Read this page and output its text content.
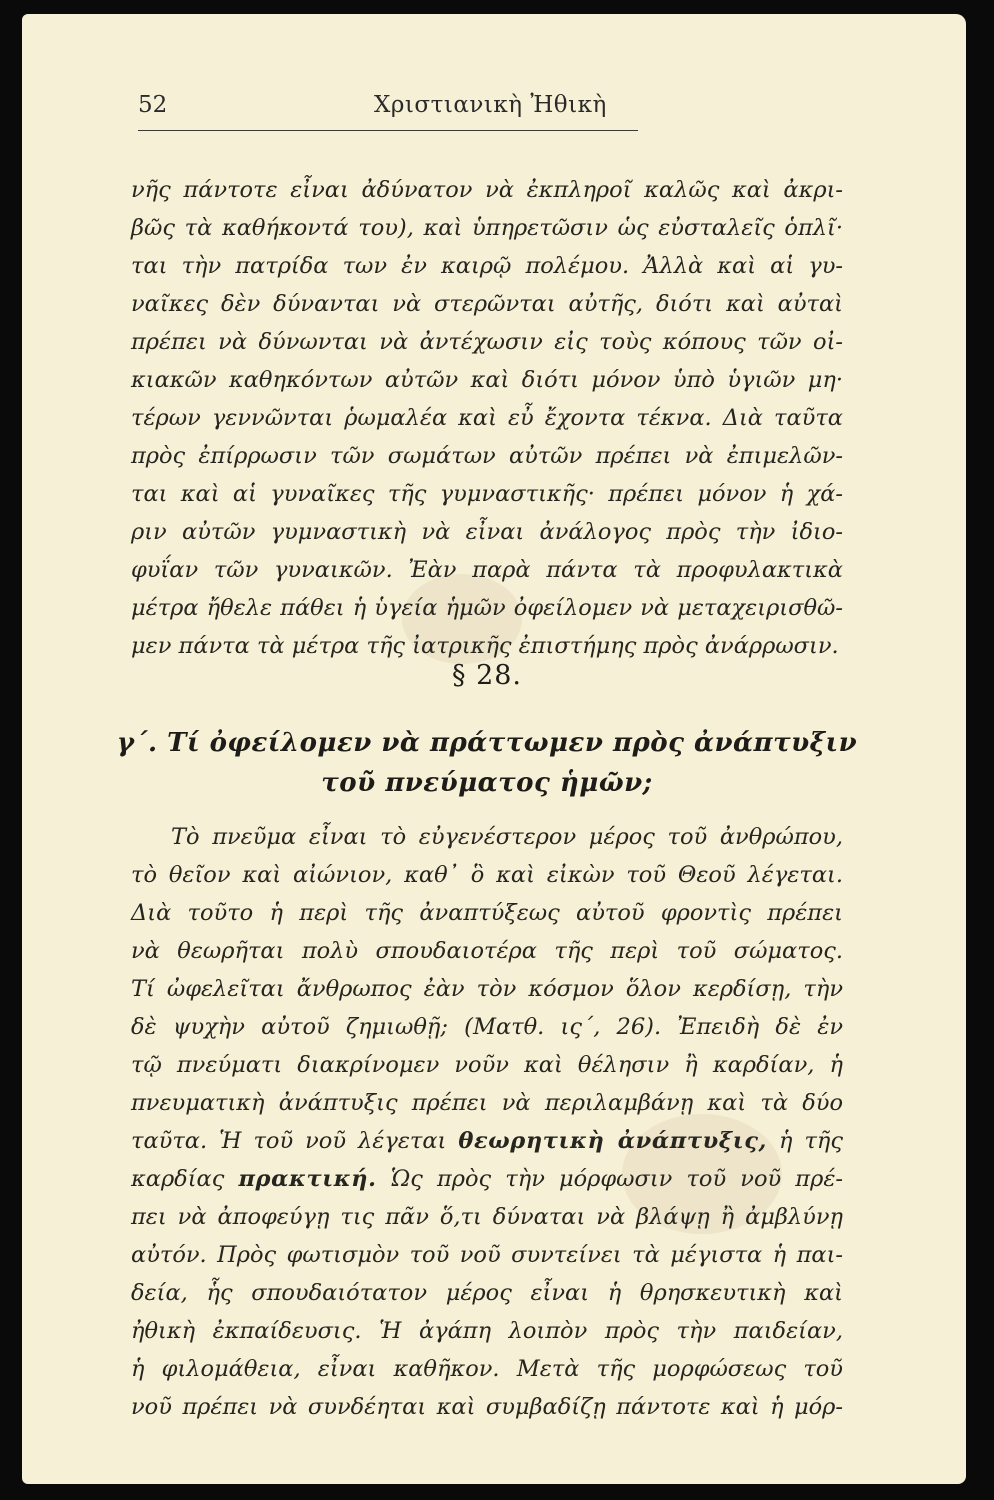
52	Χριστιανικὴ Ἠθικὴ
νῆς πάντοτε εἶναι ἀδύνατον νὰ ἐκπληροῖ καλῶς καὶ ἀκρι-
βῶς τὰ καθήκοντά του), καὶ ὑπηρετῶσιν ὡς εὐσταλεῖς ὁπλῖ·
ται τὴν πατρίδα των ἐν καιρῷ πολέμου. Ἀλλὰ καὶ αἱ γυ-
ναῖκες δὲν δύνανται νὰ στερῶνται αὐτῆς, διότι καὶ αὐταὶ
πρέπει νὰ δύνωνται νὰ ἀντέχωσιν εἰς τοὺς κόπους τῶν οἰ-
κιακῶν καθηκόντων αὐτῶν καὶ διότι μόνον ὑπὸ ὑγιῶν μη·
τέρων γεννῶνται ῥωμαλέα καὶ εὖ ἔχοντα τέκνα. Διὰ ταῦτα
πρὸς ἐπίρρωσιν τῶν σωμάτων αὐτῶν πρέπει νὰ ἐπιμελῶν-
ται καὶ αἱ γυναῖκες τῆς γυμναστικῆς· πρέπει μόνον ἡ χά-
ριν αὐτῶν γυμναστικὴ νὰ εἶναι ἀνάλογος πρὸς τὴν ἰδιο-
φυΐαν τῶν γυναικῶν. Ἐὰν παρὰ πάντα τὰ προφυλακτικὰ
μέτρα ἤθελε πάθει ἡ ὑγεία ἡμῶν ὀφείλομεν νὰ μεταχειρισθῶ-
μεν πάντα τὰ μέτρα τῆς ἰατρικῆς ἐπιστήμης πρὸς ἀνάρρωσιν.
§ 28.
γ΄. Τί ὀφείλομεν νὰ πράττωμεν πρὸς ἀνάπτυξιν
τοῦ πνεύματος ἡμῶν;
Τὸ πνεῦμα εἶναι τὸ εὐγενέστερον μέρος τοῦ ἀνθρώπου,
τὸ θεῖον καὶ αἰώνιον, καθ᾽ ὃ καὶ εἰκὼν τοῦ Θεοῦ λέγεται.
Διὰ τοῦτο ἡ περὶ τῆς ἀναπτύξεως αὐτοῦ φροντὶς πρέπει
νὰ θεωρῆται πολὺ σπουδαιοτέρα τῆς περὶ τοῦ σώματος.
Τί ὠφελεῖται ἄνθρωπος ἐὰν τὸν κόσμον ὅλον κερδίσῃ, τὴν
δὲ ψυχὴν αὐτοῦ ζημιωθῇ; (Ματθ. ις΄, 26). Ἐπειδὴ δὲ ἐν
τῷ πνεύματι διακρίνομεν νοῦν καὶ θέλησιν ἢ καρδίαν, ἡ
πνευματικὴ ἀνάπτυξις πρέπει νὰ περιλαμβάνῃ καὶ τὰ δύο
ταῦτα. Ἡ τοῦ νοῦ λέγεται θεωρητικὴ ἀνάπτυξις, ἡ τῆς
καρδίας πρακτική. Ὡς πρὸς τὴν μόρφωσιν τοῦ νοῦ πρέ-
πει νὰ ἀποφεύγῃ τις πᾶν ὅ,τι δύναται νὰ βλάψῃ ἢ ἀμβλύνῃ
αὐτόν. Πρὸς φωτισμὸν τοῦ νοῦ συντείνει τὰ μέγιστα ἡ παι-
δεία, ἧς σπουδαιότατον μέρος εἶναι ἡ θρησκευτικὴ καὶ
ἠθικὴ ἐκπαίδευσις. Ἡ ἀγάπη λοιπὸν πρὸς τὴν παιδείαν,
ἡ φιλομάθεια, εἶναι καθῆκον. Μετὰ τῆς μορφώσεως τοῦ
νοῦ πρέπει νὰ συνδέηται καὶ συμβαδίζῃ πάντοτε καὶ ἡ μόρ-
